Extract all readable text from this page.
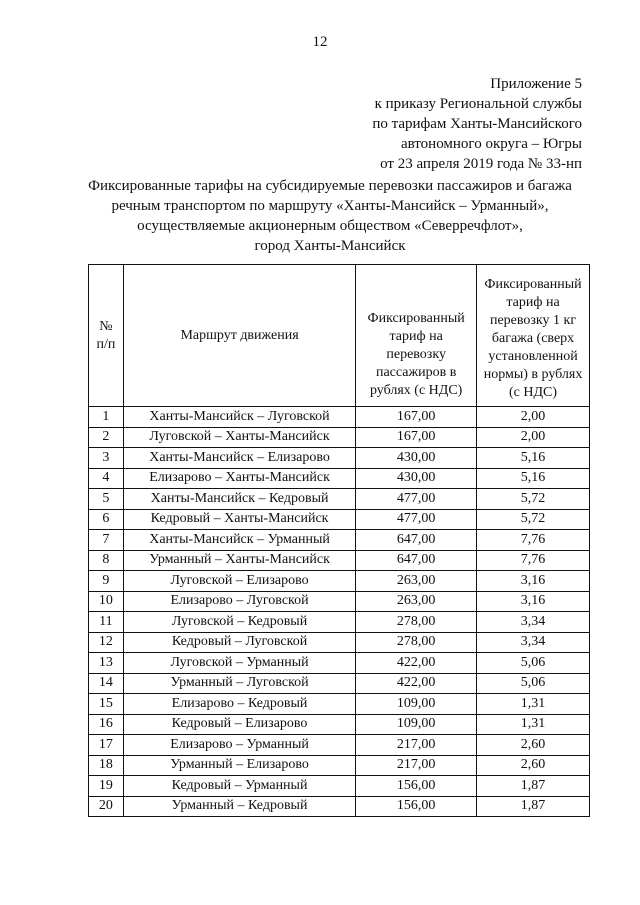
12
Приложение 5
к приказу Региональной службы
по тарифам Ханты-Мансийского
автономного округа – Югры
от 23 апреля 2019 года № 33-нп
Фиксированные тарифы на субсидируемые перевозки пассажиров и багажа
речным транспортом по маршруту «Ханты-Мансийск – Урманный»,
осуществляемые акционерным обществом «Северречфлот»,
город Ханты-Мансийск
№ п/п	Маршрут движения	Фиксированный тариф на перевозку пассажиров в рублях (с НДС)	Фиксированный тариф на перевозку 1 кг багажа (сверх установленной нормы) в рублях (с НДС)
1	Ханты-Мансийск – Луговской	167,00	2,00
2	Луговской – Ханты-Мансийск	167,00	2,00
3	Ханты-Мансийск – Елизарово	430,00	5,16
4	Елизарово – Ханты-Мансийск	430,00	5,16
5	Ханты-Мансийск – Кедровый	477,00	5,72
6	Кедровый – Ханты-Мансийск	477,00	5,72
7	Ханты-Мансийск – Урманный	647,00	7,76
8	Урманный – Ханты-Мансийск	647,00	7,76
9	Луговской – Елизарово	263,00	3,16
10	Елизарово – Луговской	263,00	3,16
11	Луговской – Кедровый	278,00	3,34
12	Кедровый – Луговской	278,00	3,34
13	Луговской – Урманный	422,00	5,06
14	Урманный – Луговской	422,00	5,06
15	Елизарово – Кедровый	109,00	1,31
16	Кедровый – Елизарово	109,00	1,31
17	Елизарово – Урманный	217,00	2,60
18	Урманный – Елизарово	217,00	2,60
19	Кедровый – Урманный	156,00	1,87
20	Урманный – Кедровый	156,00	1,87
